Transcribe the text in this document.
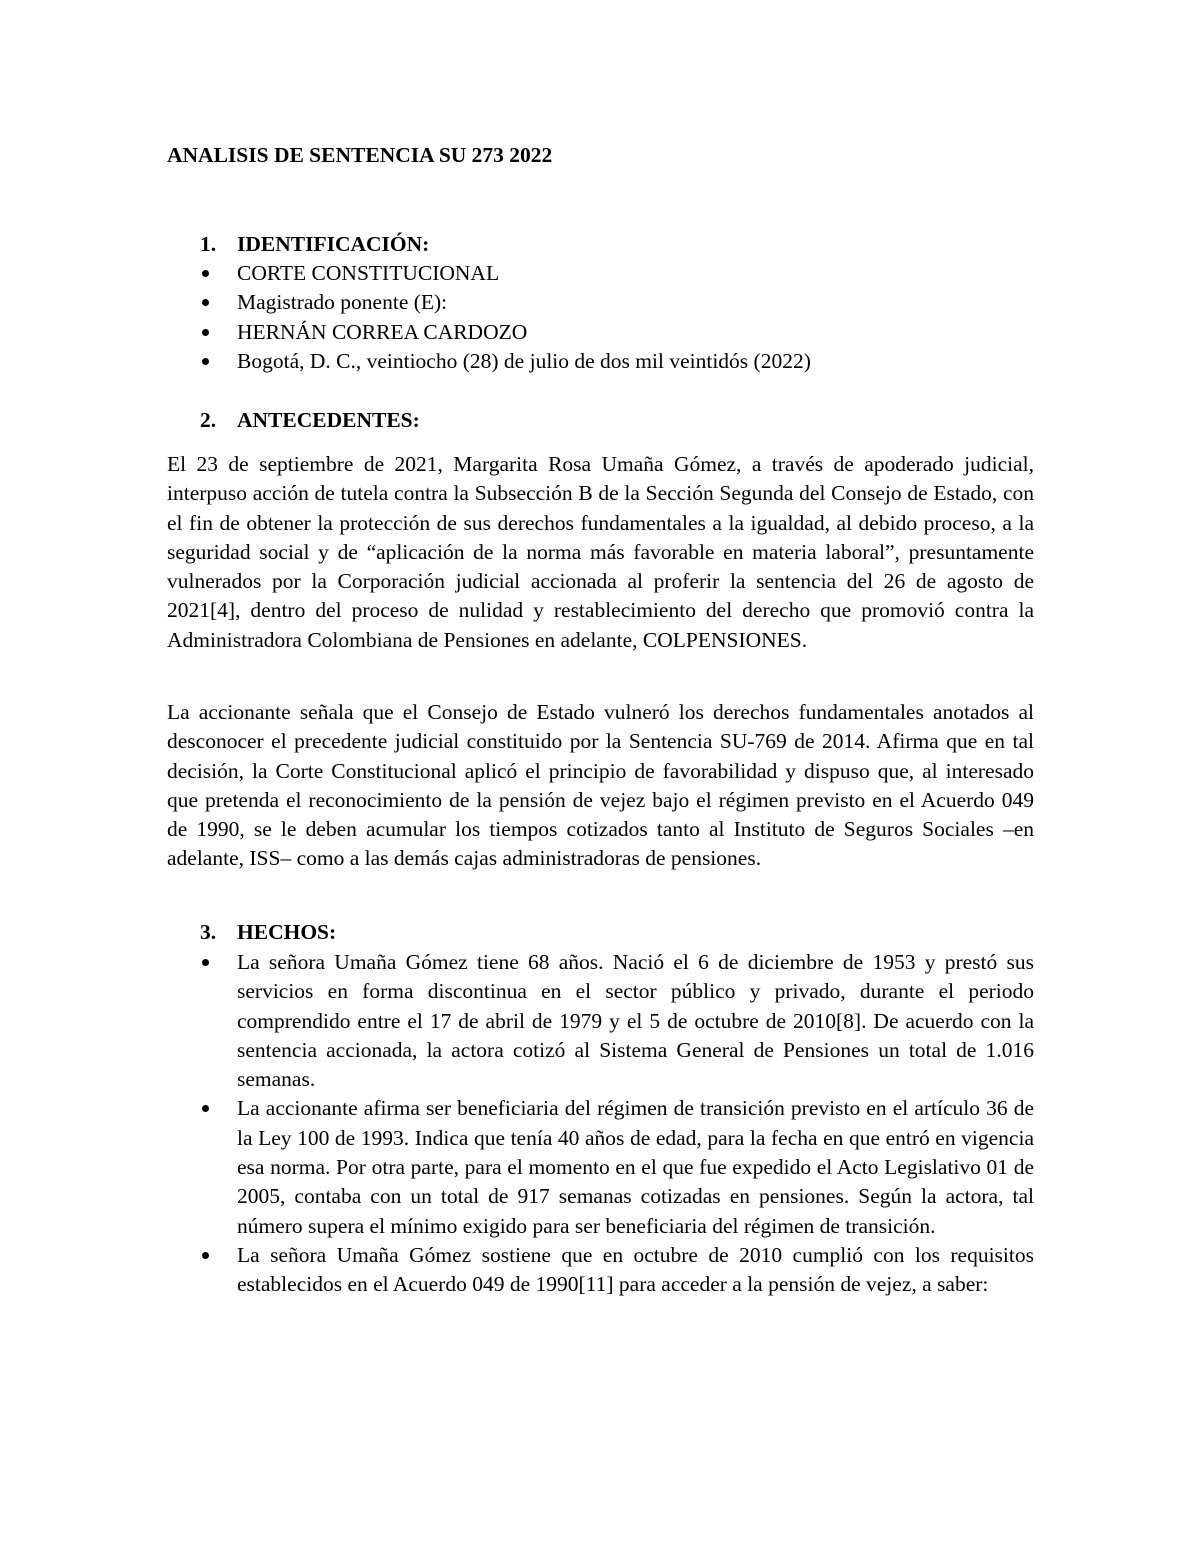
ANALISIS DE SENTENCIA SU 273 2022

1. IDENTIFICACIÓN:

CORTE CONSTITUCIONAL
Magistrado ponente (E):
HERNÁN CORREA CARDOZO
Bogotá, D. C., veintiocho (28) de julio de dos mil veintidós (2022)

2. ANTECEDENTES:

El 23 de septiembre de 2021, Margarita Rosa Umaña Gómez, a través de apoderado judicial, interpuso acción de tutela contra la Subsección B de la Sección Segunda del Consejo de Estado, con el fin de obtener la protección de sus derechos fundamentales a la igualdad, al debido proceso, a la seguridad social y de “aplicación de la norma más favorable en materia laboral”, presuntamente vulnerados por la Corporación judicial accionada al proferir la sentencia del 26 de agosto de 2021[4], dentro del proceso de nulidad y restablecimiento del derecho que promovió contra la Administradora Colombiana de Pensiones en adelante, COLPENSIONES.

La accionante señala que el Consejo de Estado vulneró los derechos fundamentales anotados al desconocer el precedente judicial constituido por la Sentencia SU-769 de 2014. Afirma que en tal decisión, la Corte Constitucional aplicó el principio de favorabilidad y dispuso que, al interesado que pretenda el reconocimiento de la pensión de vejez bajo el régimen previsto en el Acuerdo 049 de 1990, se le deben acumular los tiempos cotizados tanto al Instituto de Seguros Sociales –en adelante, ISS– como a las demás cajas administradoras de pensiones.

3. HECHOS:

La señora Umaña Gómez tiene 68 años. Nació el 6 de diciembre de 1953 y prestó sus servicios en forma discontinua en el sector público y privado, durante el periodo comprendido entre el 17 de abril de 1979 y el 5 de octubre de 2010[8]. De acuerdo con la sentencia accionada, la actora cotizó al Sistema General de Pensiones un total de 1.016 semanas.
La accionante afirma ser beneficiaria del régimen de transición previsto en el artículo 36 de la Ley 100 de 1993. Indica que tenía 40 años de edad, para la fecha en que entró en vigencia esa norma. Por otra parte, para el momento en el que fue expedido el Acto Legislativo 01 de 2005, contaba con un total de 917 semanas cotizadas en pensiones. Según la actora, tal número supera el mínimo exigido para ser beneficiaria del régimen de transición.
La señora Umaña Gómez sostiene que en octubre de 2010 cumplió con los requisitos establecidos en el Acuerdo 049 de 1990[11] para acceder a la pensión de vejez, a saber:
